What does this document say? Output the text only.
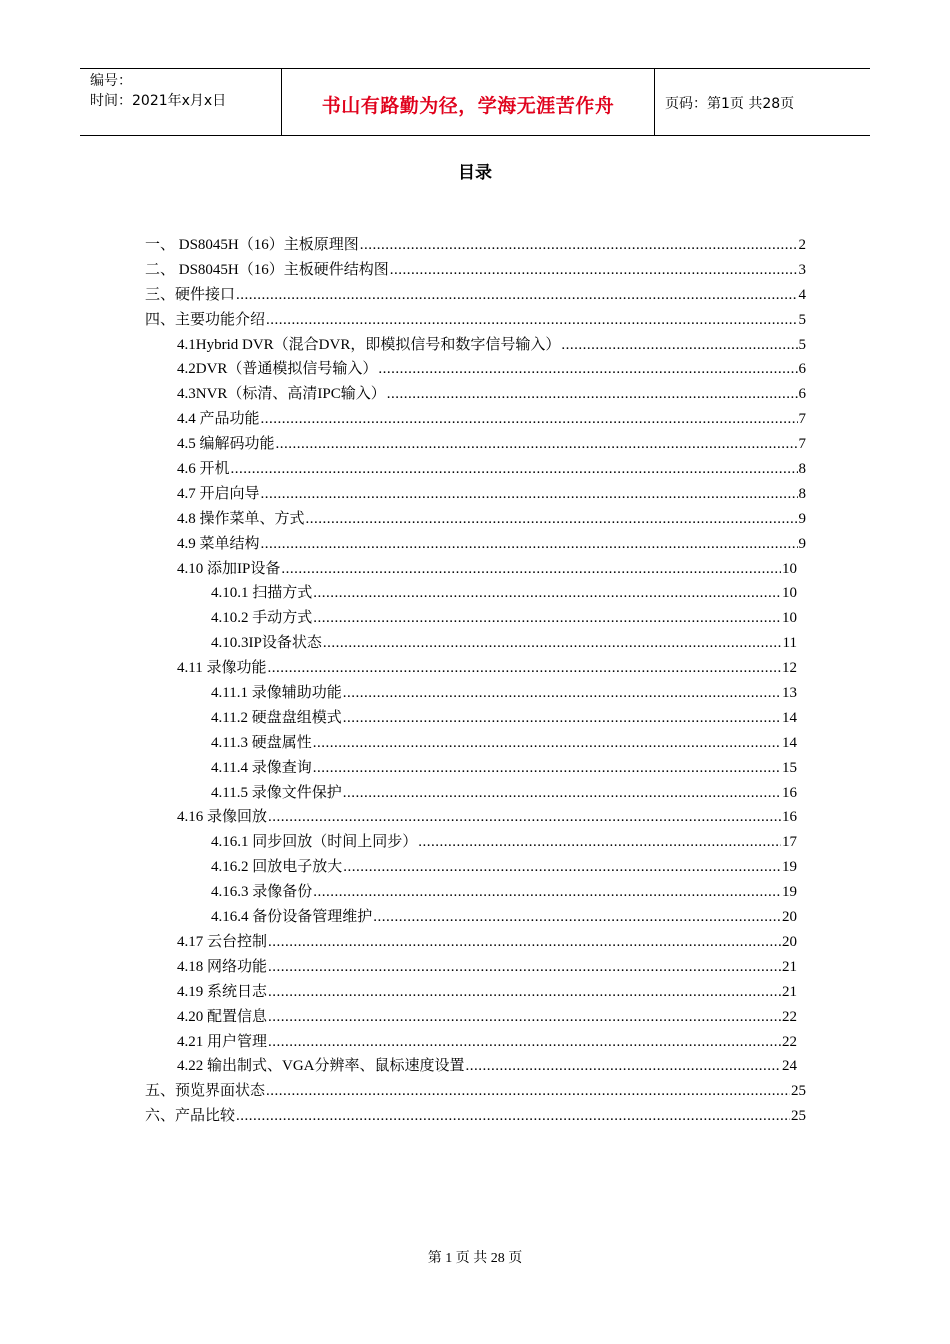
编号：
时间：2021年x月x日	书山有路勤为径，学海无涯苦作舟	页码：第1页 共28页
目录
一、 DS8045H（16）主板原理图 .....	2
二、 DS8045H（16）主板硬件结构图 .....	3
三、硬件接口 .....	4
四、主要功能介绍 .....	5
4.1Hybrid DVR（混合DVR，即模拟信号和数字信号输入） .....	5
4.2DVR（普通模拟信号输入） .....	6
4.3NVR（标清、高清IPC输入） .....	6
4.4 产品功能 .....	7
4.5 编解码功能 .....	7
4.6 开机 .....	8
4.7 开启向导 .....	8
4.8 操作菜单、方式 .....	9
4.9 菜单结构 .....	9
4.10 添加IP设备 .....	10
4.10.1 扫描方式 .....	10
4.10.2 手动方式 .....	10
4.10.3IP设备状态 .....	11
4.11 录像功能 .....	12
4.11.1 录像辅助功能 .....	13
4.11.2 硬盘盘组模式 .....	14
4.11.3 硬盘属性 .....	14
4.11.4 录像查询 .....	15
4.11.5 录像文件保护 .....	16
4.16 录像回放 .....	16
4.16.1 同步回放（时间上同步） .....	17
4.16.2 回放电子放大 .....	19
4.16.3 录像备份 .....	19
4.16.4 备份设备管理维护 .....	20
4.17 云台控制 .....	20
4.18 网络功能 .....	21
4.19 系统日志 .....	21
4.20 配置信息 .....	22
4.21 用户管理 .....	22
4.22 输出制式、VGA分辨率、鼠标速度设置 .....	24
五、预览界面状态 .....	25
六、产品比较 .....	25
第 1 页 共 28 页
